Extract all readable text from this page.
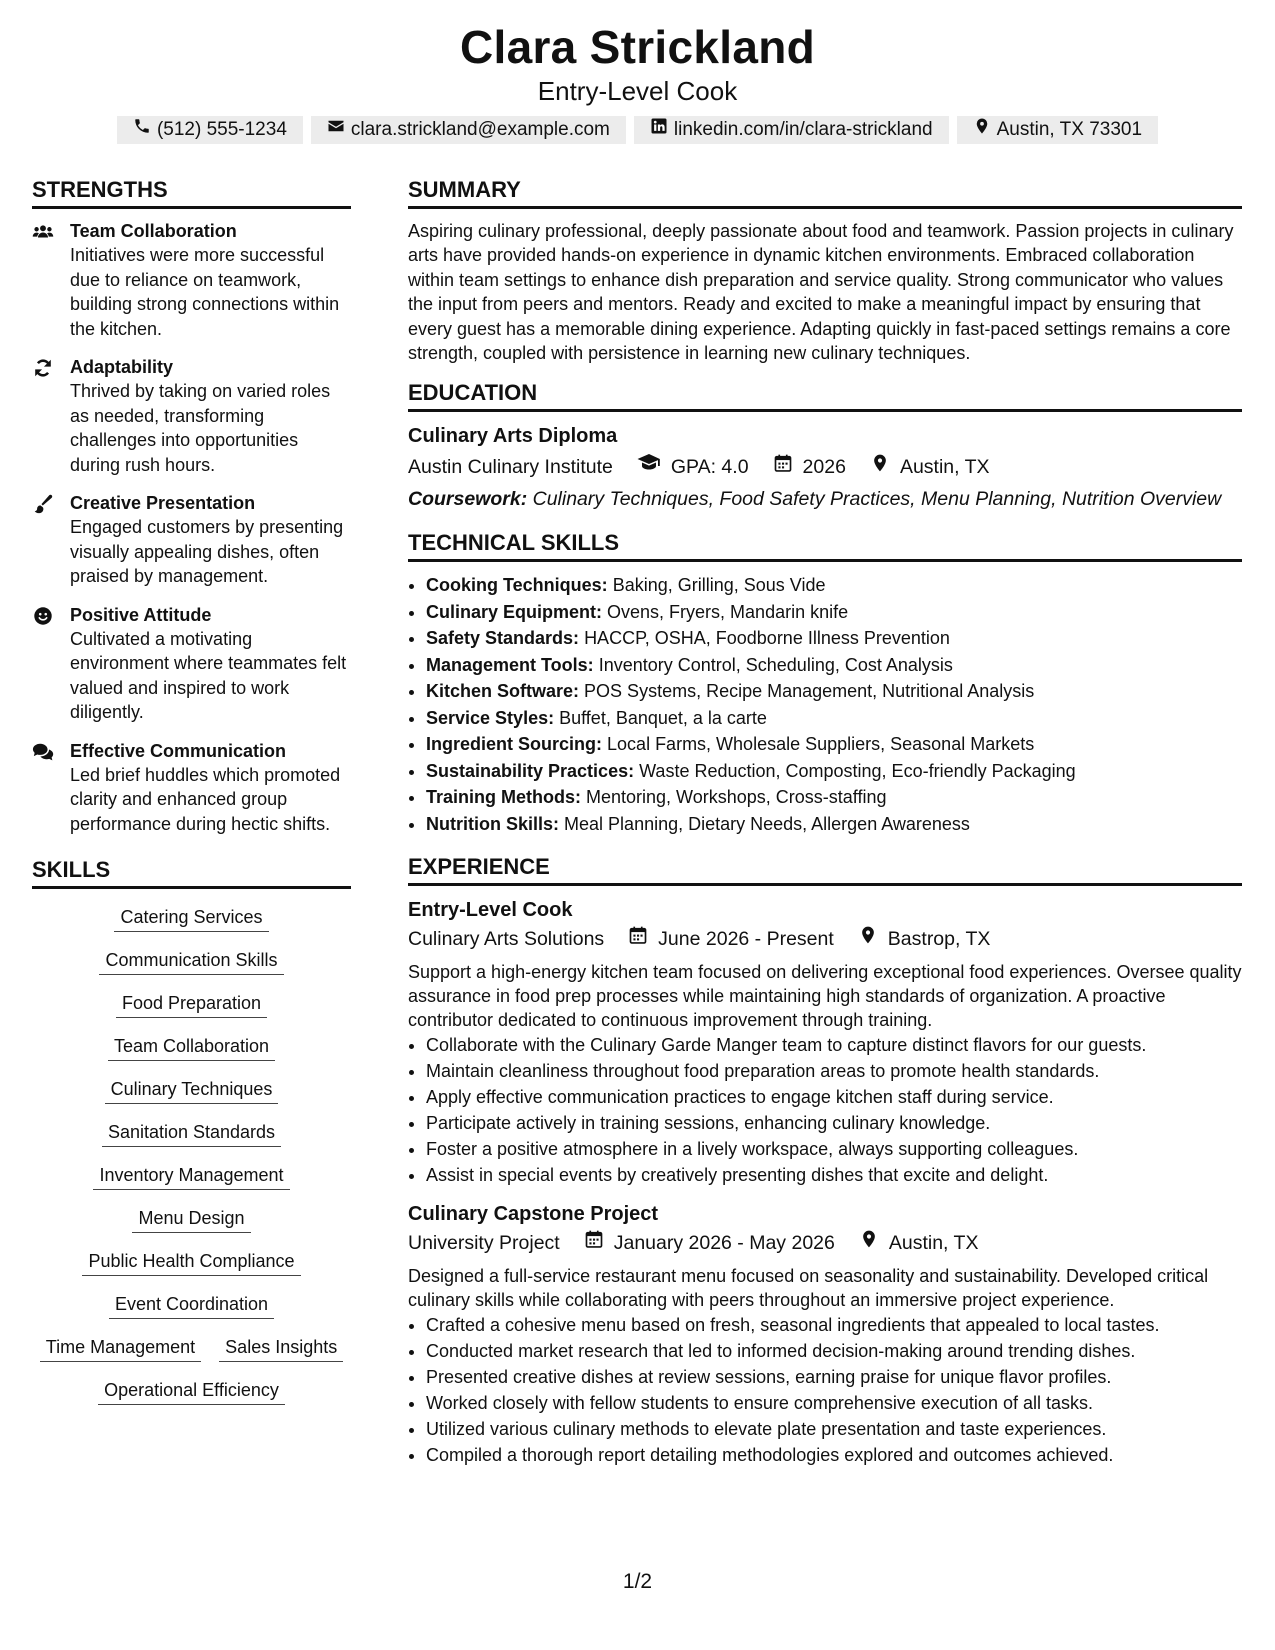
Clara Strickland
Entry-Level Cook
(512) 555-1234	clara.strickland@example.com	linkedin.com/in/clara-strickland	Austin, TX 73301
STRENGTHS
Team Collaboration
Initiatives were more successful due to reliance on teamwork, building strong connections within the kitchen.
Adaptability
Thrived by taking on varied roles as needed, transforming challenges into opportunities during rush hours.
Creative Presentation
Engaged customers by presenting visually appealing dishes, often praised by management.
Positive Attitude
Cultivated a motivating environment where teammates felt valued and inspired to work diligently.
Effective Communication
Led brief huddles which promoted clarity and enhanced group performance during hectic shifts.
SKILLS
Catering Services
Communication Skills
Food Preparation
Team Collaboration
Culinary Techniques
Sanitation Standards
Inventory Management
Menu Design
Public Health Compliance
Event Coordination
Time Management	Sales Insights
Operational Efficiency
SUMMARY
Aspiring culinary professional, deeply passionate about food and teamwork. Passion projects in culinary arts have provided hands-on experience in dynamic kitchen environments. Embraced collaboration within team settings to enhance dish preparation and service quality. Strong communicator who values the input from peers and mentors. Ready and excited to make a meaningful impact by ensuring that every guest has a memorable dining experience. Adapting quickly in fast-paced settings remains a core strength, coupled with persistence in learning new culinary techniques.
EDUCATION
Culinary Arts Diploma
Austin Culinary Institute	GPA: 4.0	2026	Austin, TX
Coursework: Culinary Techniques, Food Safety Practices, Menu Planning, Nutrition Overview
TECHNICAL SKILLS
• Cooking Techniques: Baking, Grilling, Sous Vide
• Culinary Equipment: Ovens, Fryers, Mandarin knife
• Safety Standards: HACCP, OSHA, Foodborne Illness Prevention
• Management Tools: Inventory Control, Scheduling, Cost Analysis
• Kitchen Software: POS Systems, Recipe Management, Nutritional Analysis
• Service Styles: Buffet, Banquet, a la carte
• Ingredient Sourcing: Local Farms, Wholesale Suppliers, Seasonal Markets
• Sustainability Practices: Waste Reduction, Composting, Eco-friendly Packaging
• Training Methods: Mentoring, Workshops, Cross-staffing
• Nutrition Skills: Meal Planning, Dietary Needs, Allergen Awareness
EXPERIENCE
Entry-Level Cook
Culinary Arts Solutions	June 2026 - Present	Bastrop, TX
Support a high-energy kitchen team focused on delivering exceptional food experiences. Oversee quality assurance in food prep processes while maintaining high standards of organization. A proactive contributor dedicated to continuous improvement through training.
• Collaborate with the Culinary Garde Manger team to capture distinct flavors for our guests.
• Maintain cleanliness throughout food preparation areas to promote health standards.
• Apply effective communication practices to engage kitchen staff during service.
• Participate actively in training sessions, enhancing culinary knowledge.
• Foster a positive atmosphere in a lively workspace, always supporting colleagues.
• Assist in special events by creatively presenting dishes that excite and delight.
Culinary Capstone Project
University Project	January 2026 - May 2026	Austin, TX
Designed a full-service restaurant menu focused on seasonality and sustainability. Developed critical culinary skills while collaborating with peers throughout an immersive project experience.
• Crafted a cohesive menu based on fresh, seasonal ingredients that appealed to local tastes.
• Conducted market research that led to informed decision-making around trending dishes.
• Presented creative dishes at review sessions, earning praise for unique flavor profiles.
• Worked closely with fellow students to ensure comprehensive execution of all tasks.
• Utilized various culinary methods to elevate plate presentation and taste experiences.
• Compiled a thorough report detailing methodologies explored and outcomes achieved.
1/2
